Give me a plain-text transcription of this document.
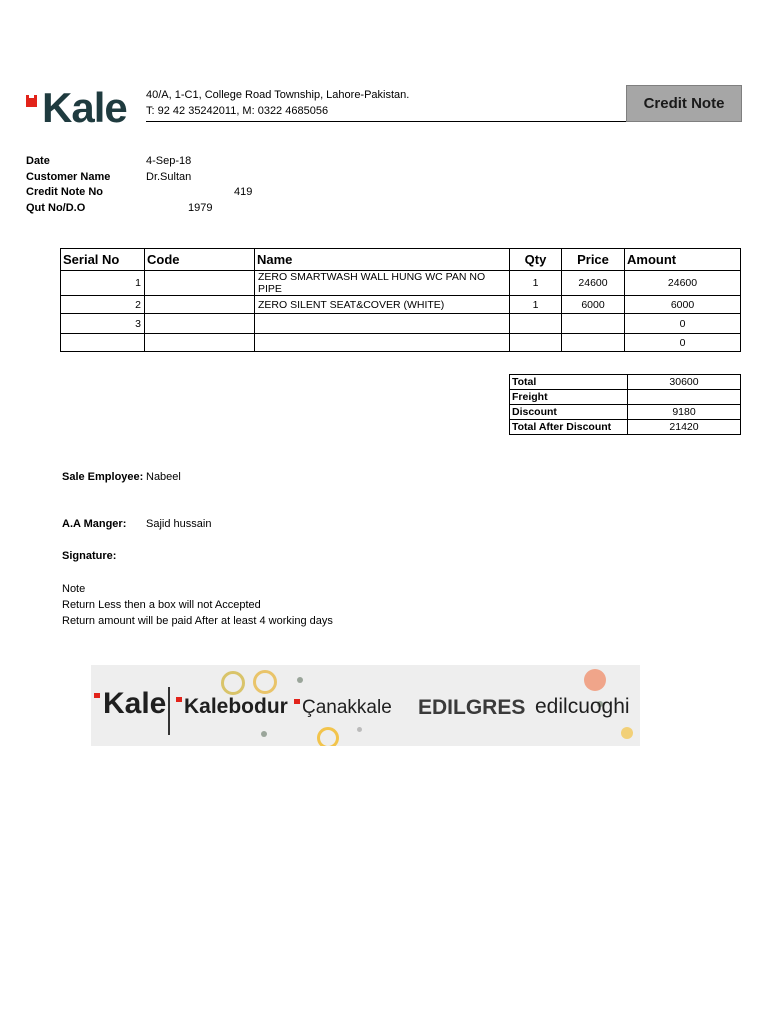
Kale 40/A, 1-C1, College Road Township, Lahore-Pakistan.
T: 92 42 35242011, M: 0322 4685056	Credit Note
Date	4-Sep-18
Customer Name	Dr.Sultan
Credit Note No	419
Qut No/D.O	1979
Serial No	Code	Name	Qty	Price	Amount
1		ZERO SMARTWASH WALL HUNG WC PAN NO PIPE	1	24600	24600
2		ZERO SILENT SEAT&COVER (WHITE)	1	6000	6000
3					0
					0
Total	30600
Freight	
Discount	9180
Total After Discount	21420
Sale Employee: Nabeel
A.A Manger: Sajid hussain
Signature:
Note
Return Less then a box will not Accepted
Return amount will be paid After at least 4 working days
Kale Kalebodur Çanakkale EDILGRES edilcuoghi
